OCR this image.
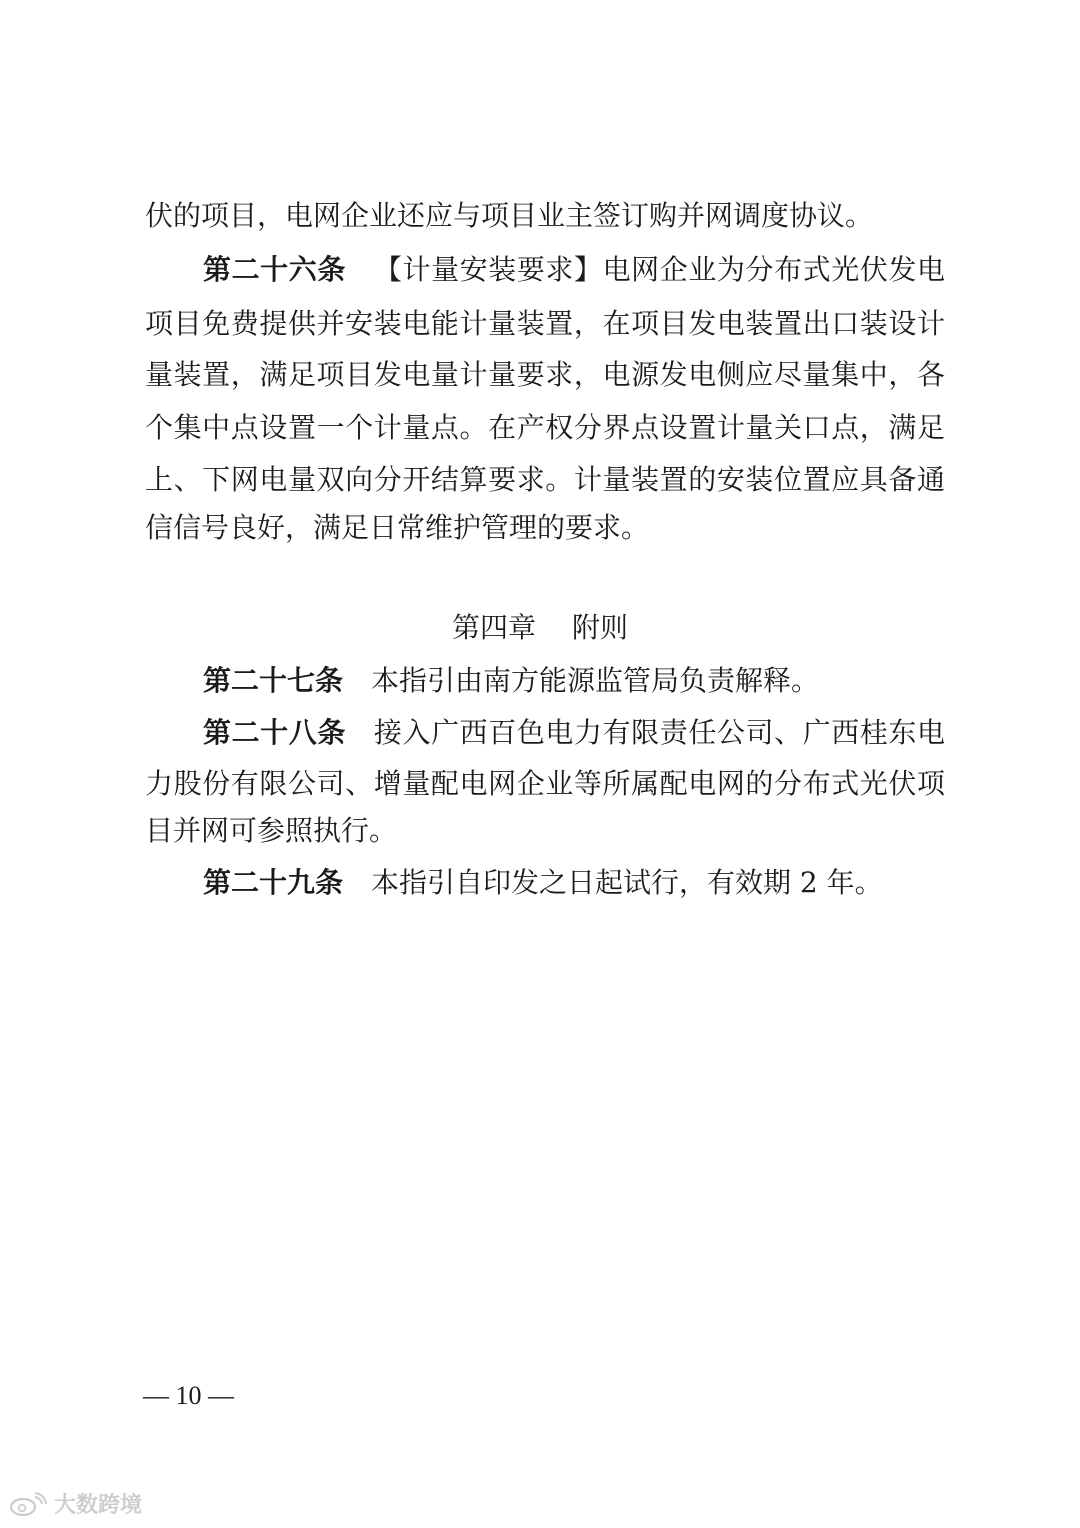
伏的项目，电网企业还应与项目业主签订购并网调度协议。
第二十六条 【计量安装要求】电网企业为分布式光伏发电
项目免费提供并安装电能计量装置，在项目发电装置出口装设计
量装置，满足项目发电量计量要求，电源发电侧应尽量集中，各
个集中点设置一个计量点。在产权分界点设置计量关口点，满足
上、下网电量双向分开结算要求。计量装置的安装位置应具备通
信信号良好，满足日常维护管理的要求。
第四章 附则
第二十七条 本指引由南方能源监管局负责解释。
第二十八条 接入广西百色电力有限责任公司、广西桂东电
力股份有限公司、增量配电网企业等所属配电网的分布式光伏项
目并网可参照执行。
第二十九条 本指引自印发之日起试行，有效期 2 年。
— 10 —
大数跨境
